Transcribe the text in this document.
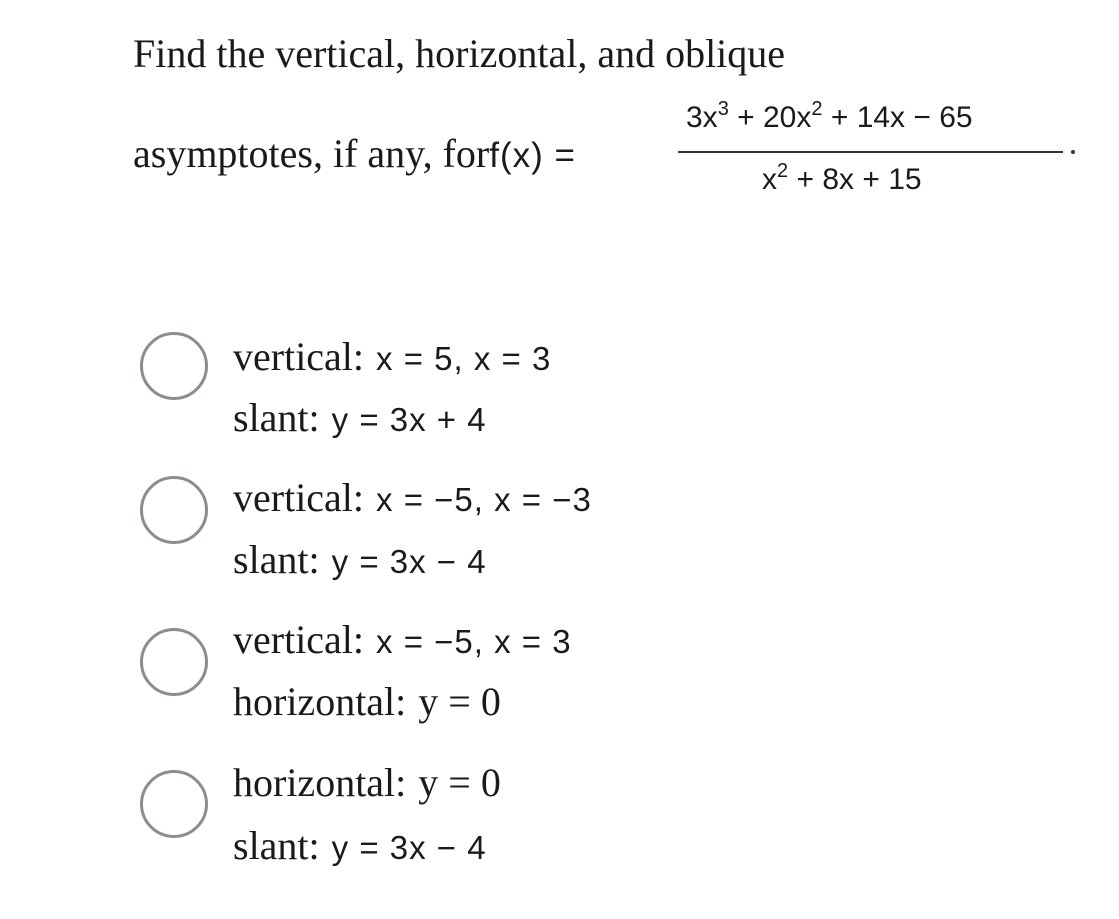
Find the vertical, horizontal, and oblique
asymptotes, if any, forf(x) =
$3x^3 + 20x^2 + 14x - 65$
$x^2 + 8x + 15$
vertical: x = 5, x = 3
slant: y = 3x + 4
vertical: x = −5, x = −3
slant: y = 3x − 4
vertical: x = −5, x = 3
horizontal: y = 0
horizontal: y = 0
slant: y = 3x − 4
